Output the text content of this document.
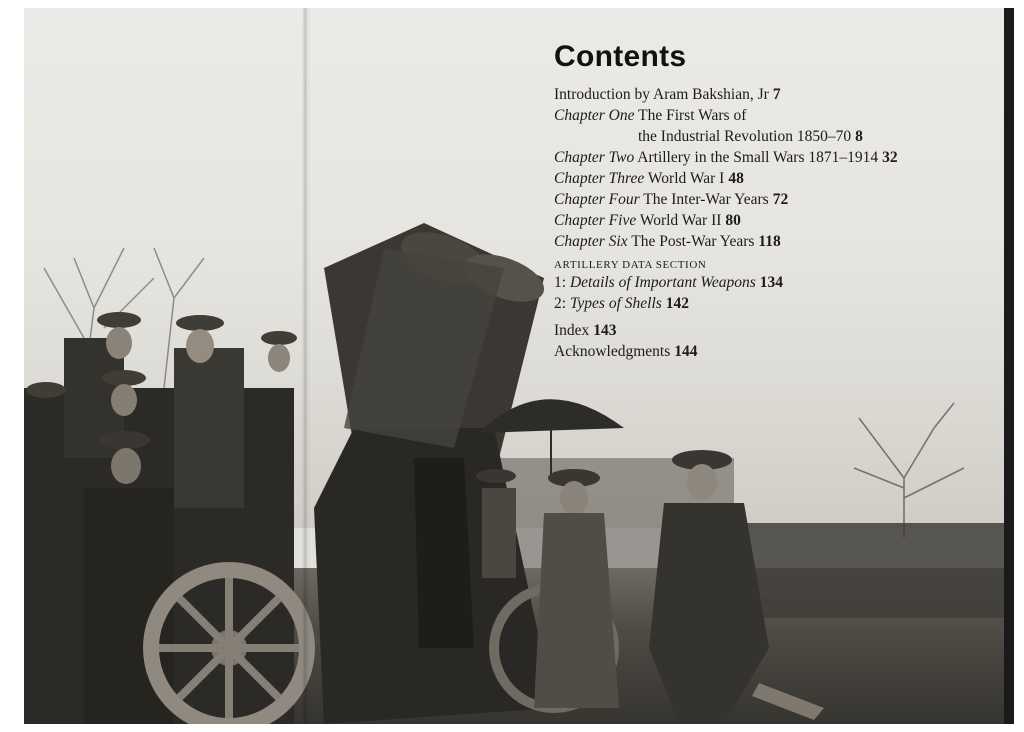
Contents
Introduction by Aram Bakshian, Jr 7
Chapter One The First Wars of
the Industrial Revolution 1850–70 8
Chapter Two Artillery in the Small Wars 1871–1914 32
Chapter Three World War I 48
Chapter Four The Inter-War Years 72
Chapter Five World War II 80
Chapter Six The Post-War Years 118
ARTILLERY DATA SECTION
1: Details of Important Weapons 134
2: Types of Shells 142
Index 143
Acknowledgments 144
